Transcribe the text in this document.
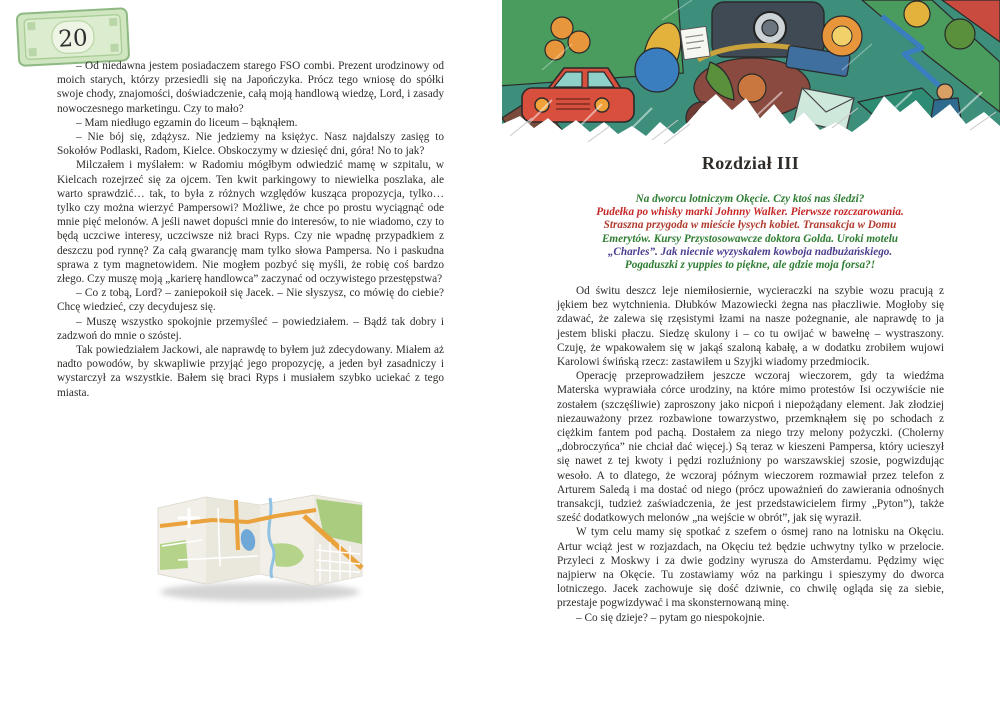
20

– Od niedawna jestem posiadaczem starego FSO combi. Prezent urodzinowy od moich starych, którzy przesiedli się na Japończyka. Prócz tego wniosę do spółki swoje chody, znajomości, doświadczenie, całą moją handlową wiedzę, Lord, i zasady nowoczesnego marketingu. Czy to mało?

– Mam niedługo egzamin do liceum – bąknąłem.

– Nie bój się, zdążysz. Nie jedziemy na księżyc. Nasz najdalszy zasięg to Sokołów Podlaski, Radom, Kielce. Obskoczymy w dziesięć dni, góra! No to jak?

Milczałem i myślałem: w Radomiu mógłbym odwiedzić mamę w szpitalu, w Kielcach rozejrzeć się za ojcem. Ten kwit parkingowy to niewielka poszlaka, ale warto sprawdzić… tak, to była z różnych względów kusząca propozycja, tylko… tylko czy można wierzyć Pampersowi? Możliwe, że chce po prostu wyciągnąć ode mnie pięć melonów. A jeśli nawet dopuści mnie do interesów, to nie wiadomo, czy to będą uczciwe interesy, uczciwsze niż braci Ryps. Czy nie wpadnę przypadkiem z deszczu pod rynnę? Za całą gwarancję mam tylko słowa Pampersa. No i paskudna sprawa z tym magnetowidem. Nie mogłem pozbyć się myśli, że robię coś bardzo złego. Czy muszę moją „karierę handlowca” zaczynać od oczywistego przestępstwa?

– Co z tobą, Lord? – zaniepokoił się Jacek. – Nie słyszysz, co mówię do ciebie? Chcę wiedzieć, czy decydujesz się.

– Muszę wszystko spokojnie przemyśleć – powiedziałem. – Bądź tak dobry i zadzwoń do mnie o szóstej.

Tak powiedziałem Jackowi, ale naprawdę to byłem już zdecydowany. Miałem aż nadto powodów, by skwapliwie przyjąć jego propozycję, a jeden był zasadniczy i wystarczył za wszystkie. Bałem się braci Ryps i musiałem szybko uciekać z tego miasta.

Rozdział III

Na dworcu lotniczym Okęcie. Czy ktoś nas śledzi?

Pudełka po whisky marki Johnny Walker. Pierwsze rozczarowania.

Straszna przygoda w mieście łysych kobiet. Transakcja w Domu

Emerytów. Kursy Przystosowawcze doktora Golda. Uroki motelu

„Charles”. Jak niecnie wyzyskałem kowboja nadbużańskiego.

Pogaduszki z yuppies to piękne, ale gdzie moja forsa?!

Od świtu deszcz leje niemiłosiernie, wycieraczki na szybie wozu pracują z jękiem bez wytchnienia. Dłubków Mazowiecki żegna nas płaczliwie. Mogłoby się zdawać, że zalewa się rzęsistymi łzami na nasze pożegnanie, ale naprawdę to ja jestem bliski płaczu. Siedzę skulony i – co tu owijać w bawełnę – wystraszony. Czuję, że wpakowałem się w jakąś szaloną kabałę, a w dodatku zrobiłem wujowi Karolowi świńską rzecz: zastawiłem u Szyjki wiadomy przedmiocik.

Operację przeprowadziłem jeszcze wczoraj wieczorem, gdy ta wiedźma Materska wyprawiała córce urodziny, na które mimo protestów Isi oczywiście nie zostałem (szczęśliwie) zaproszony jako nicpoń i niepożądany element. Jak złodziej niezauważony przez rozbawione towarzystwo, przemknąłem się po schodach z ciężkim fantem pod pachą. Dostałem za niego trzy melony pożyczki. (Cholerny „dobroczyńca” nie chciał dać więcej.) Są teraz w kieszeni Pampersa, który ucieszył się nawet z tej kwoty i pędzi rozluźniony po warszawskiej szosie, pogwizdując wesoło. A to dlatego, że wczoraj późnym wieczorem rozmawiał przez telefon z Arturem Saledą i ma dostać od niego (prócz upoważnień do zawierania odnośnych transakcji, tudzież zaświadczenia, że jest przedstawicielem firmy „Pyton”), także sześć dodatkowych melonów „na wejście w obrót”, jak się wyraził.

W tym celu mamy się spotkać z szefem o ósmej rano na lotnisku na Okęciu. Artur wciąż jest w rozjazdach, na Okęciu też będzie uchwytny tylko w przelocie. Przyleci z Moskwy i za dwie godziny wyrusza do Amsterdamu. Pędzimy więc najpierw na Okęcie. Tu zostawiamy wóz na parkingu i spieszymy do dworca lotniczego. Jacek zachowuje się dość dziwnie, co chwilę ogląda się za siebie, przestaje pogwizdywać i ma skonsternowaną minę.

– Co się dzieje? – pytam go niespokojnie.
